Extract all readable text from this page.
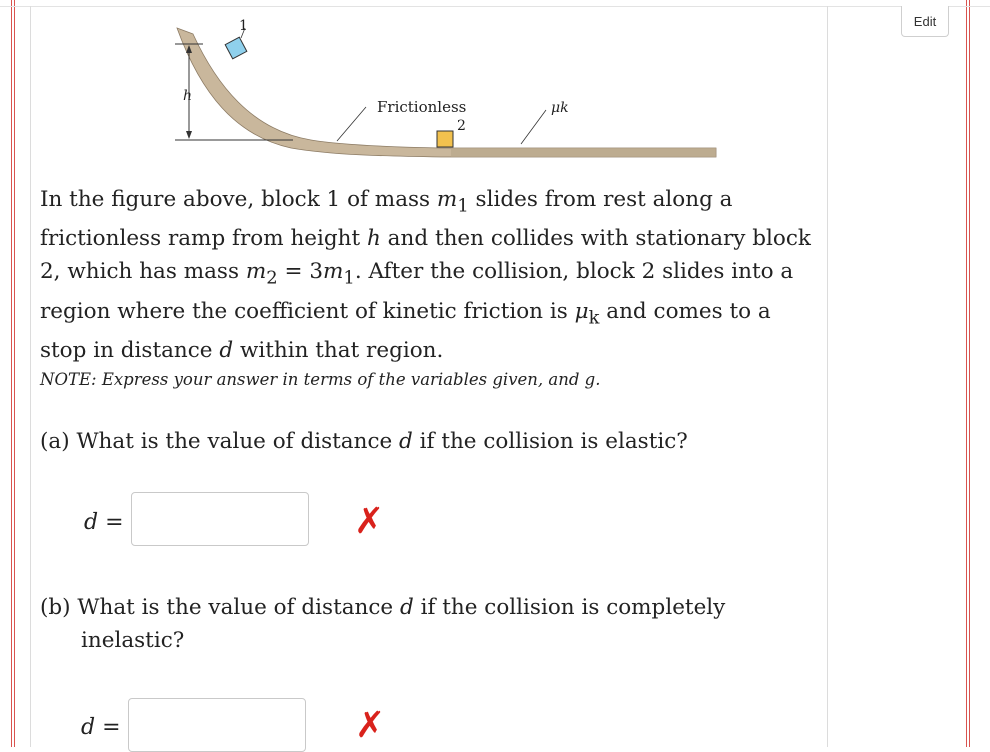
Edit
1
h
Frictionless
2
μk
In the figure above, block 1 of mass $m_1$ slides from rest along a frictionless ramp from height h and then collides with stationary block 2, which has mass $m_2 = 3m_1$. After the collision, block 2 slides into a region where the coefficient of kinetic friction is $\mu_k$ and comes to a stop in distance d within that region.
NOTE: Express your answer in terms of the variables given, and g.
(a) What is the value of distance d if the collision is elastic?
d =	✗
(b) What is the value of distance d if the collision is completely
inelastic?
d =	✗
